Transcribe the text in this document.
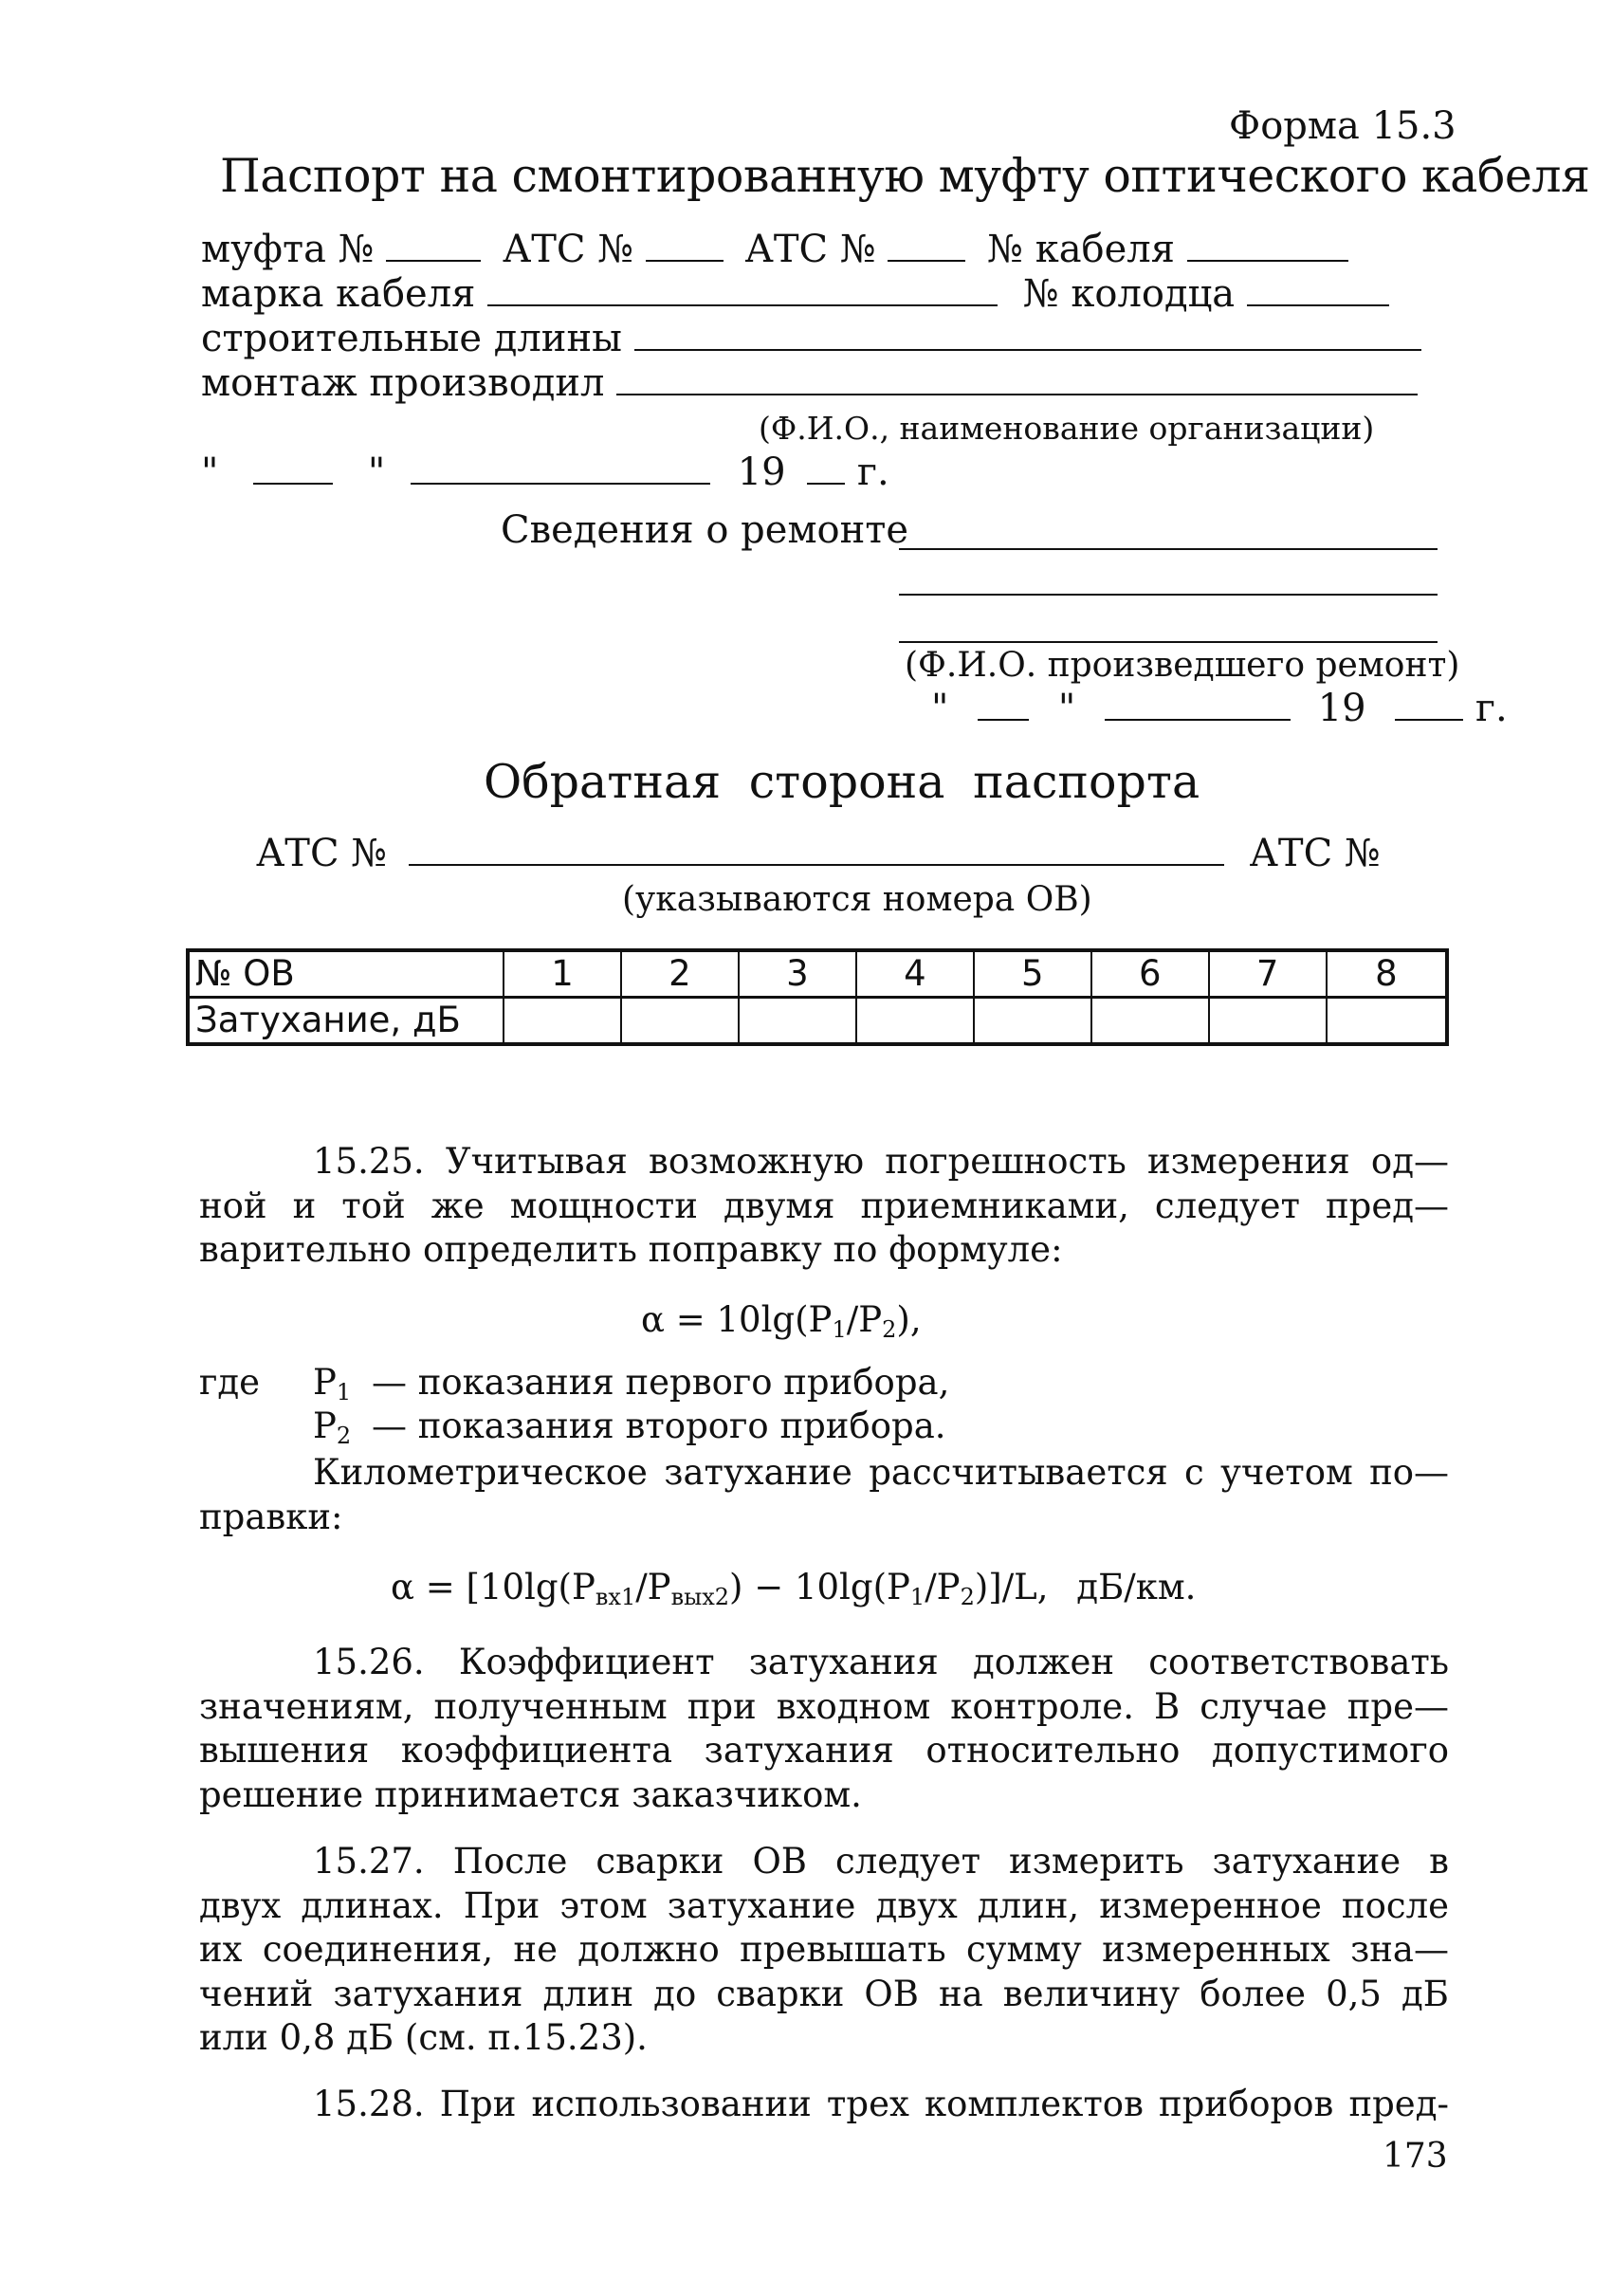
Форма 15.3
Паспорт на смонтированную муфту оптического кабеля
муфта №	АТС №	АТС №	№ кабеля
марка кабеля	№ колодца
строительные длины
монтаж производил
(Ф.И.О., наименование организации)
"	"	19 г.
Сведения о ремонте
(Ф.И.О. произведшего ремонт)
"	"	19	г.
Обратная сторона паспорта
АТС №	АТС №
(указываются номера ОВ)
№ ОВ	1	2	3	4	5	6	7	8
Затухание, дБ								
15.25. Учитывая возможную погрешность измерения од—
ной и той же мощности двумя приемниками, следует пред—
варительно определить поправку по формуле:
$\alpha = 10\lg(P_1/P_2)$,
где $P_1$ — показания первого прибора,
$P_2$ — показания второго прибора.
Километрическое затухание рассчитывается с учетом по—
правки:
$\alpha = [10\lg(P_{вх1}/P_{вых2}) - 10\lg(P_1/P_2)]/L$, дБ/км.
15.26. Коэффициент затухания должен соответствовать
значениям, полученным при входном контроле. В случае пре—
вышения коэффициента затухания относительно допустимого
решение принимается заказчиком.
15.27. После сварки ОВ следует измерить затухание в
двух длинах. При этом затухание двух длин, измеренное после
их соединения, не должно превышать сумму измеренных зна—
чений затухания длин до сварки ОВ на величину более 0,5 дБ
или 0,8 дБ (см. п.15.23).
15.28. При использовании трех комплектов приборов пред-
173
